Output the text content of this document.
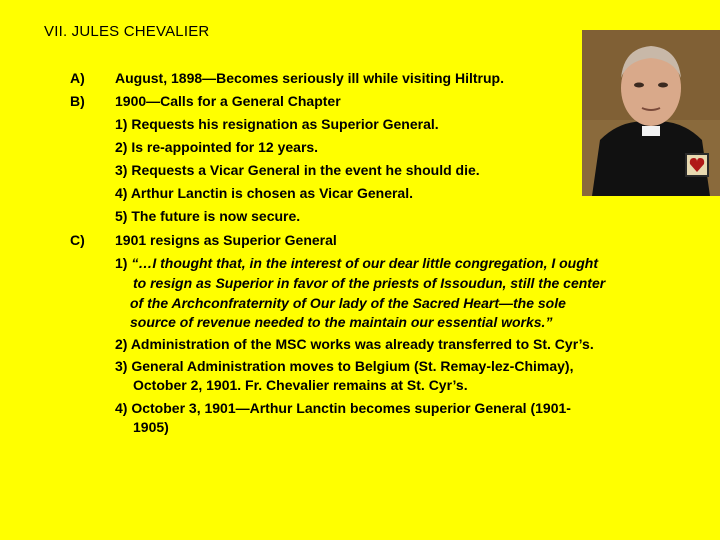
VII. JULES CHEVALIER
A) August, 1898—Becomes seriously ill while visiting Hiltrup.
B) 1900—Calls for a General Chapter
1) Requests his resignation as Superior General.
2) Is re-appointed for 12 years.
3) Requests a Vicar General in the event he should die.
4) Arthur Lanctin is chosen as Vicar General.
5) The future is now secure.
C) 1901 resigns as Superior General
1) “…I thought that, in the interest of our dear little congregation, I ought
to resign as Superior in favor of the priests of Issoudun, still the center
of the Archconfraternity of Our lady of the Sacred Heart—the sole
source of revenue needed to the maintain our essential works.”
2) Administration of the MSC works was already transferred to St. Cyr’s.
3) General Administration moves to Belgium (St. Remay-lez-Chimay),
October 2, 1901. Fr. Chevalier remains at St. Cyr’s.
4) October 3, 1901—Arthur Lanctin becomes superior General (1901-
1905)
